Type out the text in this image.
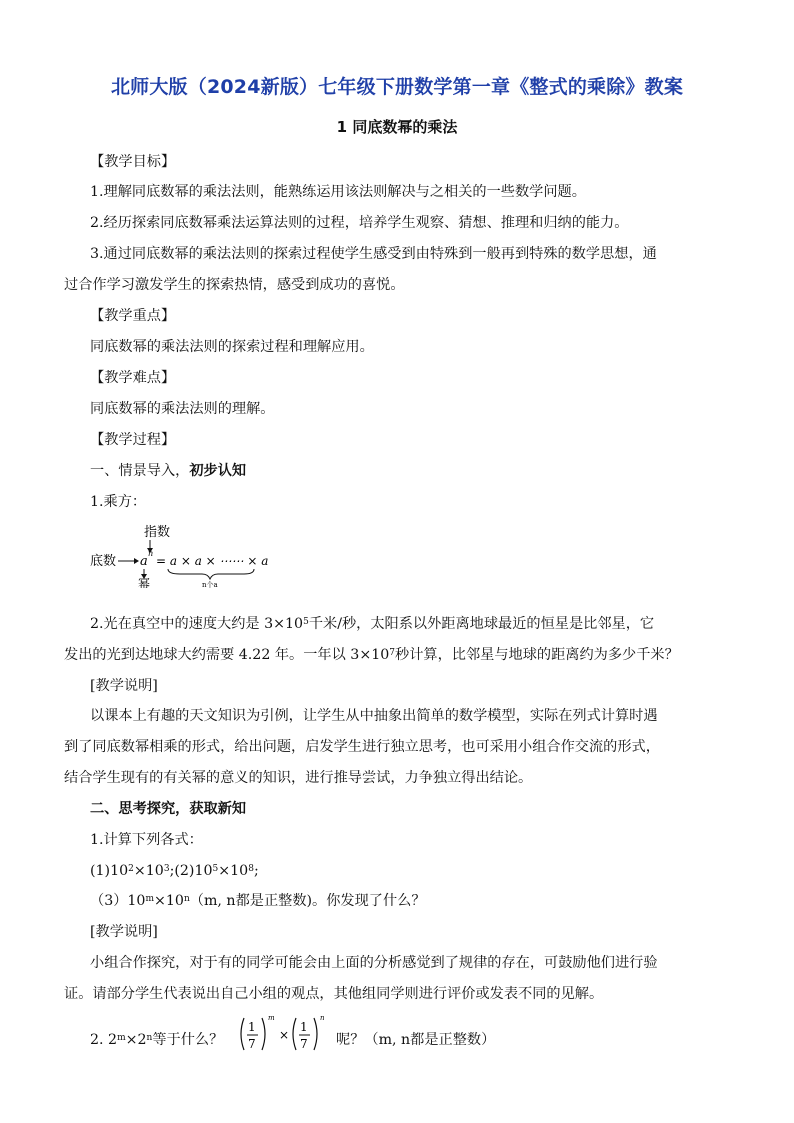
北师大版（2024新版）七年级下册数学第一章《整式的乘除》教案
1 同底数幂的乘法
【教学目标】
1.理解同底数幂的乘法法则，能熟练运用该法则解决与之相关的一些数学问题。
2.经历探索同底数幂乘法运算法则的过程，培养学生观察、猜想、推理和归纳的能力。
3.通过同底数幂的乘法法则的探索过程使学生感受到由特殊到一般再到特殊的数学思想，通
过合作学习激发学生的探索热情，感受到成功的喜悦。
【教学重点】
同底数幂的乘法法则的探索过程和理解应用。
【教学难点】
同底数幂的乘法法则的理解。
【教学过程】
一、情景导入，初步认知
1.乘方：
指数
底数 a
n
= a × a × ⋯⋯ × a
幂	n个a
2.光在真空中的速度大约是 $3\times 10^5$千米/秒，太阳系以外距离地球最近的恒星是比邻星，它
发出的光到达地球大约需要 4.22 年。一年以 $3\times 10^7$秒计算，比邻星与地球的距离约为多少千米？
[教学说明]
以课本上有趣的天文知识为引例，让学生从中抽象出简单的数学模型，实际在列式计算时遇
到了同底数幂相乘的形式，给出问题，启发学生进行独立思考，也可采用小组合作交流的形式，
结合学生现有的有关幂的意义的知识，进行推导尝试，力争独立得出结论。
二、思考探究，获取新知
1.计算下列各式：
$(1)10^2\times 10^3;(2)10^5\times 10^8$;
$(3)10^m\times 10^n(m$, n都是正整数)。你发现了什么？
[教学说明]
小组合作探究，对于有的同学可能会由上面的分析感觉到了规律的存在，可鼓励他们进行验
证。请部分学生代表说出自己小组的观点，其他组同学则进行评价或发表不同的见解。
2. $2^m\times 2^n$等于什么？
1
7
m
×
1
7
n
呢？（m, n都是正整数）
